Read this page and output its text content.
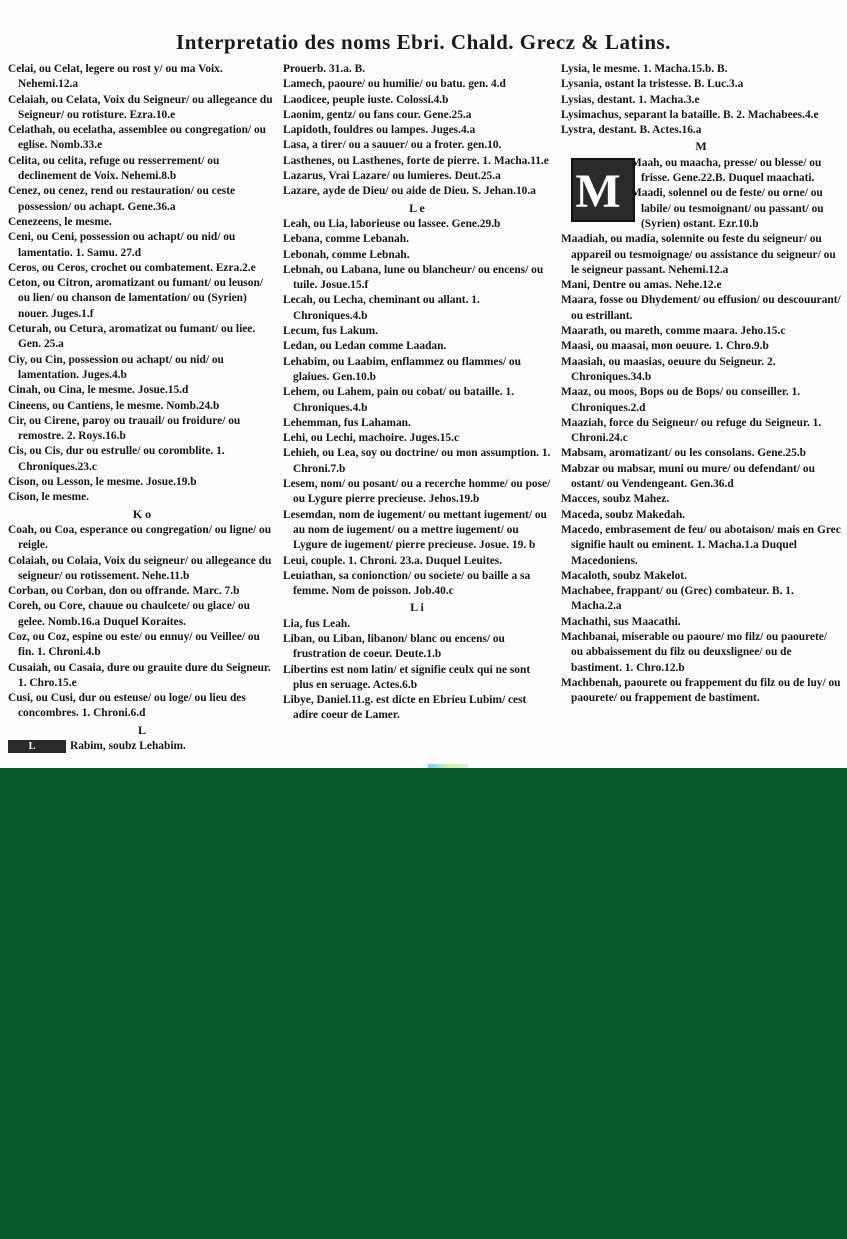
Interpretatio des noms Ebri. Chald. Grecz & Latins.

Celai, ou Celat, legere ou rost y/ ou ma Voix. Nehemi.12.a

Celaiah, ou Celata, Voix du Seigneur/ ou allegeance du Seigneur/ ou rotisture. Ezra.10.e

Celathah, ou ecelatha, assemblee ou congregation/ ou eglise. Nomb.33.e

Celita, ou celita, refuge ou resserrement/ ou declinement de Voix. Nehemi.8.b

Cenez, ou cenez, rend ou restauration/ ou ceste possession/ ou achapt. Gene.36.a

Cenezeens, le mesme.

Ceni, ou Ceni, possession ou achapt/ ou nid/ ou lamentatio. 1. Samu. 27.d

Ceros, ou Ceros, crochet ou combatement. Ezra.2.e

Ceton, ou Citron, aromatizant ou fumant/ ou leuson/ ou lien/ ou chanson de lamentation/ ou (Syrien) nouer. Juges.1.f

Ceturah, ou Cetura, aromatizat ou fumant/ ou liee. Gen. 25.a

Ciy, ou Cin, possession ou achapt/ ou nid/ ou lamentation. Juges.4.b

Cinah, ou Cina, le mesme. Josue.15.d

Cineens, ou Cantiens, le mesme. Nomb.24.b

Cir, ou Cirene, paroy ou trauail/ ou froidure/ ou remostre. 2. Roys.16.b

Cis, ou Cis, dur ou estrulle/ ou coromblite. 1. Chroniques.23.c

Cison, ou Lesson, le mesme. Josue.19.b

Cison, le mesme.

K o

Coah, ou Coa, esperance ou congregation/ ou ligne/ ou reigle.

Colaiah, ou Colaia, Voix du seigneur/ ou allegeance du seigneur/ ou rotissement. Nehe.11.b

Corban, ou Corban, don ou offrande. Marc. 7.b

Coreh, ou Core, chauue ou chaulcete/ ou glace/ ou gelee. Nomb.16.a Duquel Koraites.

Coz, ou Coz, espine ou este/ ou ennuy/ ou Veillee/ ou fin. 1. Chroni.4.b

Cusaiah, ou Casaia, dure ou grauite dure du Seigneur. 1. Chro.15.e

Cusi, ou Cusi, dur ou esteuse/ ou loge/ ou lieu des concombres. 1. Chroni.6.d

L

L	Rabim, soubz Lehabim.

Prouerb. 31.a. B.

Lamech, paoure/ ou humilie/ ou batu. gen. 4.d

Laodicee, peuple iuste. Colossi.4.b

Laonim, gentz/ ou fans cour. Gene.25.a

Lapidoth, fouldres ou lampes. Juges.4.a

Lasa, a tirer/ ou a sauuer/ ou a froter. gen.10.

Lasthenes, ou Lasthenes, forte de pierre. 1. Macha.11.e

Lazarus, Vrai Lazare/ ou lumieres. Deut.25.a

Lazare, ayde de Dieu/ ou aide de Dieu. S. Jehan.10.a

L e

Leah, ou Lia, laborieuse ou lassee. Gene.29.b

Lebana, comme Lebanah.

Lebonah, comme Lebnah.

Lebnah, ou Labana, lune ou blancheur/ ou encens/ ou tuile. Josue.15.f

Lecah, ou Lecha, cheminant ou allant. 1. Chroniques.4.b

Lecum, fus Lakum.

Ledan, ou Ledan comme Laadan.

Lehabim, ou Laabim, enflammez ou flammes/ ou glaiues. Gen.10.b

Lehem, ou Lahem, pain ou cobat/ ou bataille. 1. Chroniques.4.b

Lehemman, fus Lahaman.

Lehi, ou Lechi, machoire. Juges.15.c

Lehieh, ou Lea, soy ou doctrine/ ou mon assumption. 1. Chroni.7.b

Lesem, nom/ ou posant/ ou a recerche homme/ ou pose/ ou Lygure pierre precieuse. Jehos.19.b

Lesemdan, nom de iugement/ ou mettant iugement/ ou au nom de iugement/ ou a mettre iugement/ ou Lygure de iugement/ pierre precieuse. Josue. 19. b

Leui, couple. 1. Chroni. 23.a. Duquel Leuites.

Leuiathan, sa conionction/ ou societe/ ou baille a sa femme. Nom de poisson. Job.40.c

L i

Lia, fus Leah.

Liban, ou Liban, libanon/ blanc ou encens/ ou frustration de coeur. Deute.1.b

Libertins est nom latin/ et signifie ceulx qui ne sont plus en seruage. Actes.6.b

Libye, Daniel.11.g. est dicte en Ebrieu Lubim/ cest adire coeur de Lamer.

Lysia, le mesme. 1. Macha.15.b. B.

Lysania, ostant la tristesse. B. Luc.3.a

Lysias, destant. 1. Macha.3.e

Lysimachus, separant la bataille. B. 2. Machabees.4.e

Lystra, destant. B. Actes.16.a

M

M
Maah, ou maacha, presse/ ou blesse/ ou frisse. Gene.22.B. Duquel maachati.

Maadi, solennel ou de feste/ ou orne/ ou labile/ ou tesmoignant/ ou passant/ ou (Syrien) ostant. Ezr.10.b

Maadiah, ou madia, solennite ou feste du seigneur/ ou appareil ou tesmoignage/ ou assistance du seigneur/ ou le seigneur passant. Nehemi.12.a

Mani, Dentre ou amas. Nehe.12.e

Maara, fosse ou Dhydement/ ou effusion/ ou descouurant/ ou estrillant.

Maarath, ou mareth, comme maara. Jeho.15.c

Maasi, ou maasai, mon oeuure. 1. Chro.9.b

Maasiah, ou maasias, oeuure du Seigneur. 2. Chroniques.34.b

Maaz, ou moos, Bops ou de Bops/ ou conseiller. 1. Chroniques.2.d

Maaziah, force du Seigneur/ ou refuge du Seigneur. 1. Chroni.24.c

Mabsam, aromatizant/ ou les consolans. Gene.25.b

Mabzar ou mabsar, muni ou mure/ ou defendant/ ou ostant/ ou Vendengeant. Gen.36.d

Macces, soubz Mahez.

Maceda, soubz Makedah.

Macedo, embrasement de feu/ ou abotaison/ mais en Grec signifie hault ou eminent. 1. Macha.1.a Duquel Macedoniens.

Macaloth, soubz Makelot.

Machabee, frappant/ ou (Grec) combateur. B. 1. Macha.2.a

Machathi, sus Maacathi.

Machbanai, miserable ou paoure/ mo filz/ ou paourete/ ou abbaissement du filz ou deuxslignee/ ou de bastiment. 1. Chro.12.b

Machbenah, paourete ou frappement du filz ou de luy/ ou paourete/ ou frappement de bastiment.
